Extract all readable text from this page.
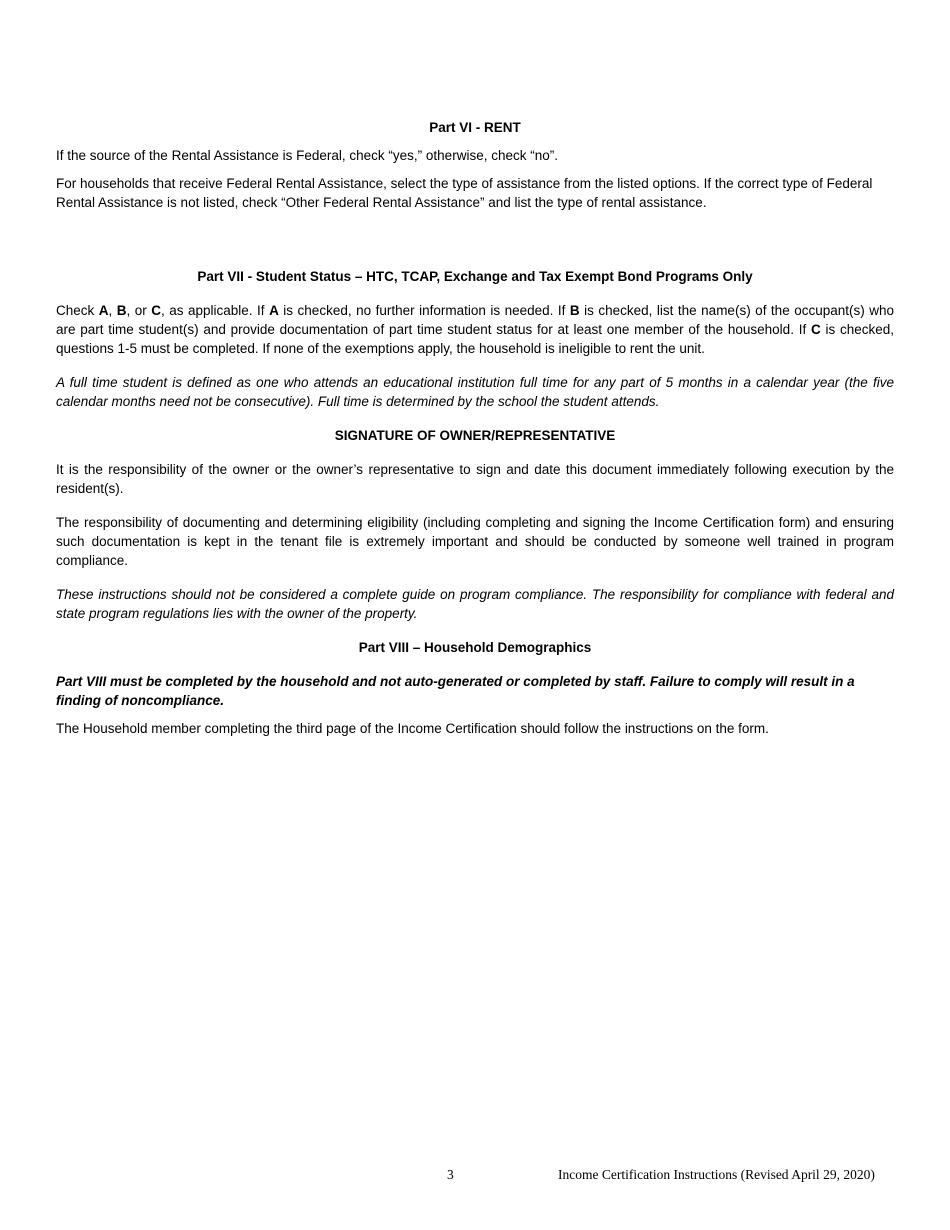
Part VI - RENT

If the source of the Rental Assistance is Federal, check “yes,” otherwise, check “no”.

For households that receive Federal Rental Assistance, select the type of assistance from the listed options. If the correct type of Federal Rental Assistance is not listed, check “Other Federal Rental Assistance” and list the type of rental assistance.

Part VII - Student Status – HTC, TCAP, Exchange and Tax Exempt Bond Programs Only

Check A, B, or C, as applicable. If A is checked, no further information is needed. If B is checked, list the name(s) of the occupant(s) who are part time student(s) and provide documentation of part time student status for at least one member of the household. If C is checked, questions 1-5 must be completed. If none of the exemptions apply, the household is ineligible to rent the unit.

A full time student is defined as one who attends an educational institution full time for any part of 5 months in a calendar year (the five calendar months need not be consecutive). Full time is determined by the school the student attends.

SIGNATURE OF OWNER/REPRESENTATIVE

It is the responsibility of the owner or the owner’s representative to sign and date this document immediately following execution by the resident(s).

The responsibility of documenting and determining eligibility (including completing and signing the Income Certification form) and ensuring such documentation is kept in the tenant file is extremely important and should be conducted by someone well trained in program compliance.

These instructions should not be considered a complete guide on program compliance. The responsibility for compliance with federal and state program regulations lies with the owner of the property.

Part VIII – Household Demographics

Part VIII must be completed by the household and not auto-generated or completed by staff. Failure to comply will result in a finding of noncompliance.

The Household member completing the third page of the Income Certification should follow the instructions on the form.

3	Income Certification Instructions (Revised April 29, 2020)
